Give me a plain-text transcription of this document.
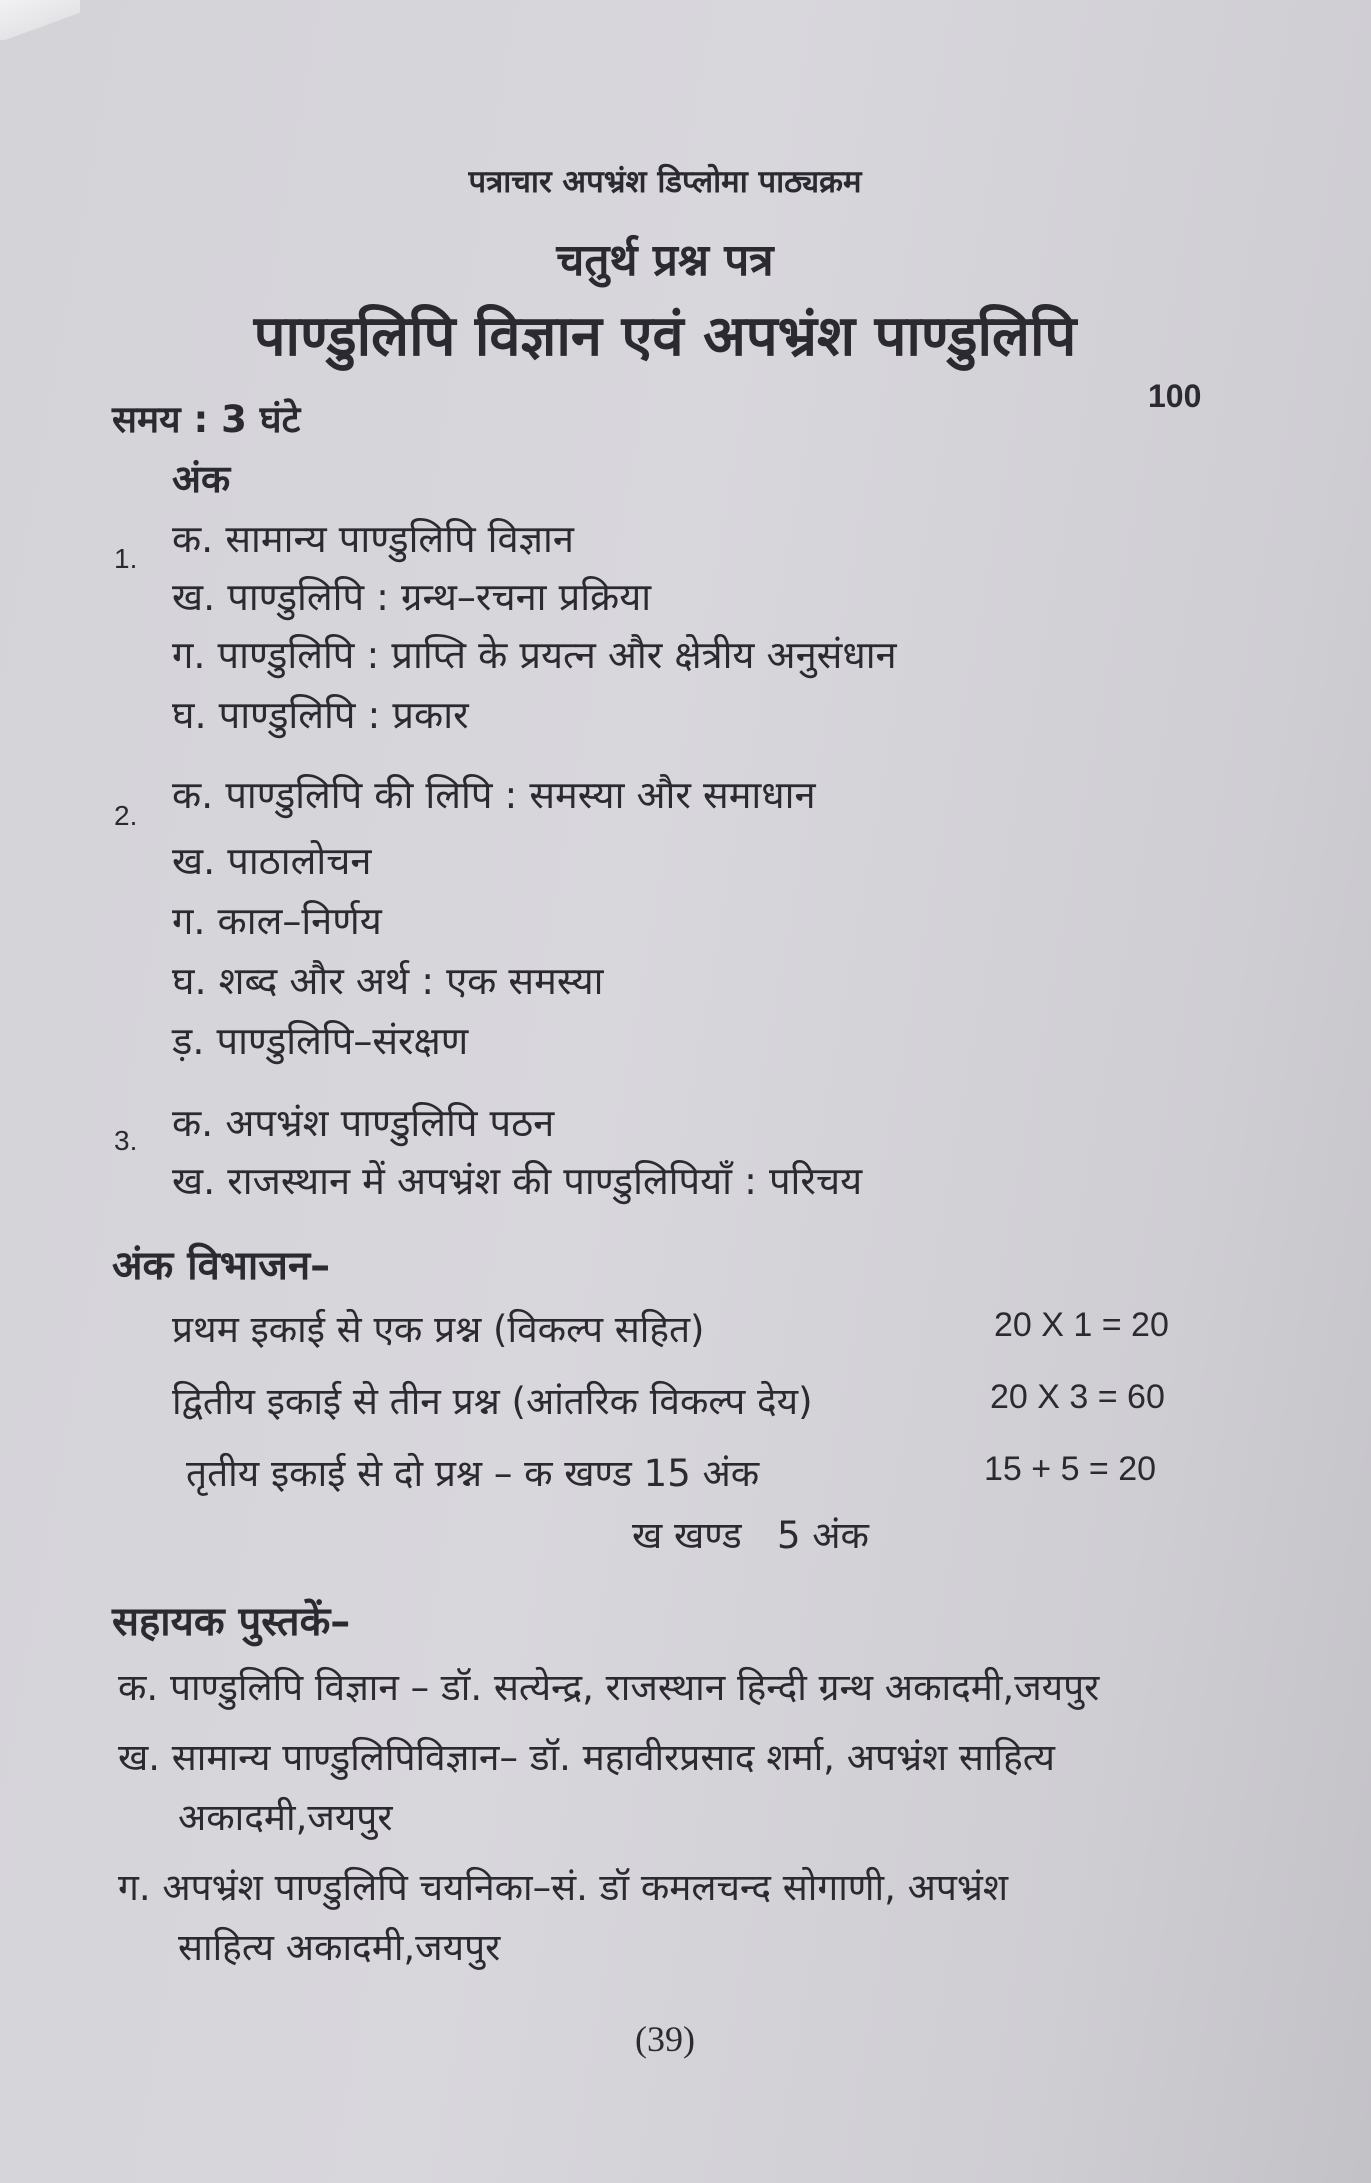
पत्राचार अपभ्रंश डिप्लोमा पाठ्यक्रम
चतुर्थ प्रश्न पत्र
पाण्डुलिपि विज्ञान एवं अपभ्रंश पाण्डुलिपि
समय : 3 घंटे
100
अंक
1. क. सामान्य पाण्डुलिपि विज्ञान
ख. पाण्डुलिपि : ग्रन्थ–रचना प्रक्रिया
ग. पाण्डुलिपि : प्राप्ति के प्रयत्न और क्षेत्रीय अनुसंधान
घ. पाण्डुलिपि : प्रकार
2. क. पाण्डुलिपि की लिपि : समस्या और समाधान
ख. पाठालोचन
ग. काल–निर्णय
घ. शब्द और अर्थ : एक समस्या
ड़. पाण्डुलिपि–संरक्षण
3. क. अपभ्रंश पाण्डुलिपि पठन
ख. राजस्थान में अपभ्रंश की पाण्डुलिपियाँ : परिचय
अंक विभाजन–
प्रथम इकाई से एक प्रश्न (विकल्प सहित)	20 X 1 = 20
द्वितीय इकाई से तीन प्रश्न (आंतरिक विकल्प देय)	20 X 3 = 60
तृतीय इकाई से दो प्रश्न – क खण्ड 15 अंक	15 + 5 = 20
ख खण्ड   5 अंक
सहायक पुस्तकें–
क. पाण्डुलिपि विज्ञान – डॉ. सत्येन्द्र, राजस्थान हिन्दी ग्रन्थ अकादमी,जयपुर
ख. सामान्य पाण्डुलिपिविज्ञान– डॉ. महावीरप्रसाद शर्मा, अपभ्रंश साहित्य
अकादमी,जयपुर
ग. अपभ्रंश पाण्डुलिपि चयनिका–सं. डॉ कमलचन्द सोगाणी, अपभ्रंश
साहित्य अकादमी,जयपुर
(39)
